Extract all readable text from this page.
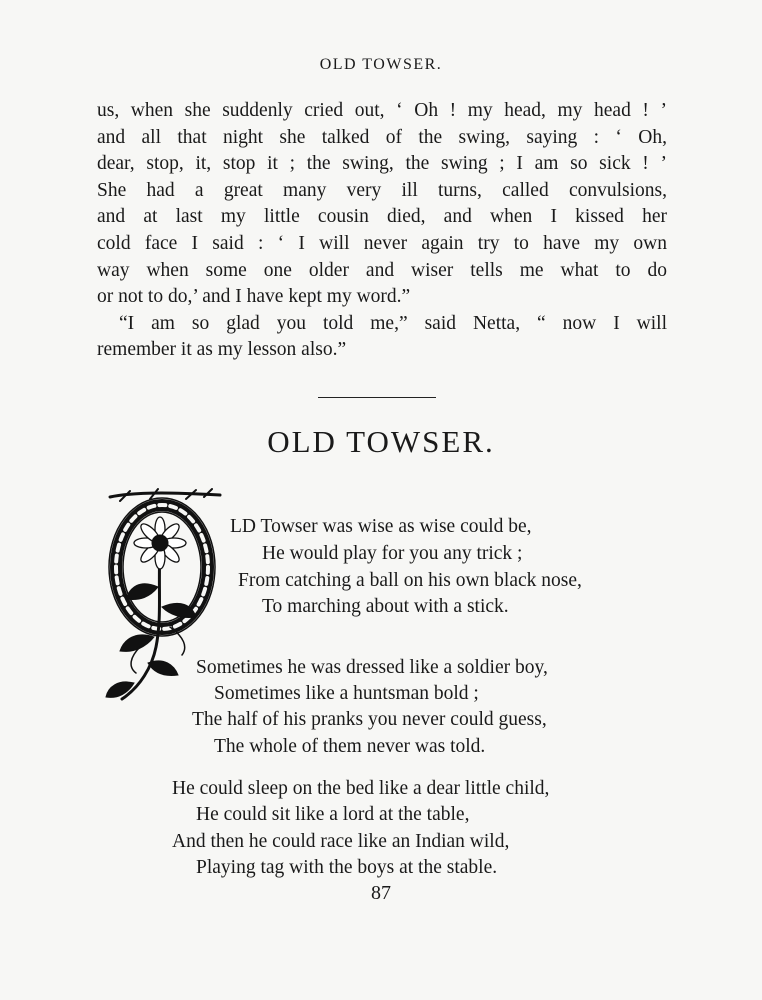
OLD TOWSER.
us, when she suddenly cried out, ‘ Oh ! my head, my head ! ’
and all that night she talked of the swing, saying : ‘ Oh,
dear, stop, it, stop it ; the swing, the swing ; I am so sick ! ’
She had a great many very ill turns, called convulsions,
and at last my little cousin died, and when I kissed her
cold face I said : ‘ I will never again try to have my own
way when some one older and wiser tells me what to do
or not to do,’ and I have kept my word.”
“I am so glad you told me,” said Netta, “ now I will
remember it as my lesson also.”
OLD TOWSER.
LD Towser was wise as wise could be,
He would play for you any trick ;
From catching a ball on his own black nose,
To marching about with a stick.
Sometimes he was dressed like a soldier boy,
Sometimes like a huntsman bold ;
The half of his pranks you never could guess,
The whole of them never was told.
He could sleep on the bed like a dear little child,
He could sit like a lord at the table,
And then he could race like an Indian wild,
Playing tag with the boys at the stable.
87
